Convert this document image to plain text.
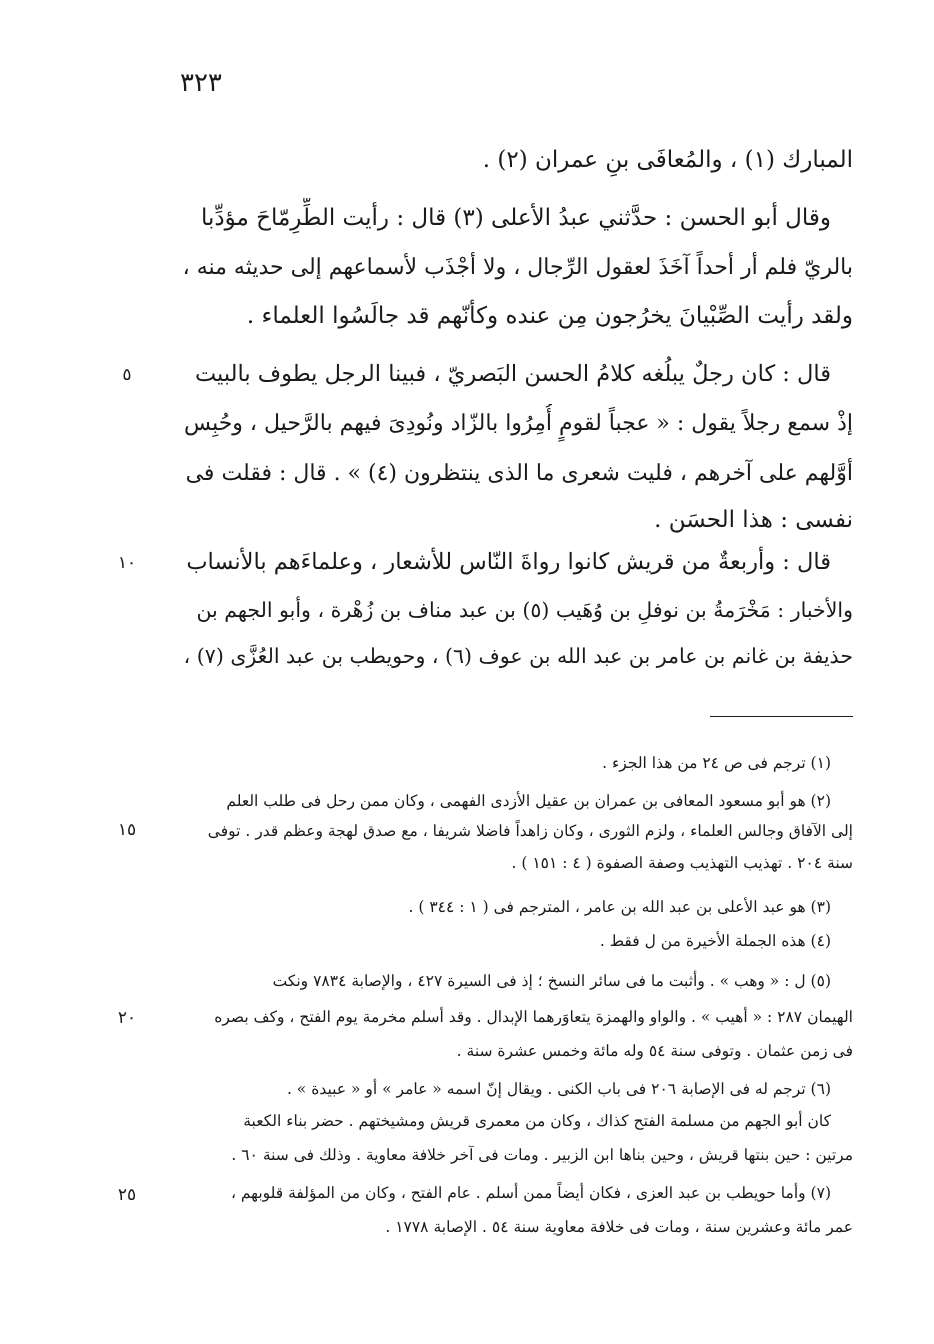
٣٢٣
المبارك (١) ، والمُعافَى بنِ عمران (٢) .
وقال أبو الحسن : حدَّثني عبدُ الأعلى (٣) قال : رأيت الطِّرِمّاحَ مؤدِّبا
بالريّ فلم أر أحداً آخَذَ لعقول الرِّجال ، ولا أجْذَب لأسماعهم إلى حديثه منه ،
ولقد رأيت الصِّبْيانَ يخرُجون مِن عنده وكأنّهم قد جالَسُوا العلماء .
قال : كان رجلٌ يبلُغه كلامُ الحسن البَصريّ ، فبينا الرجل يطوف بالبيت
إذْ سمع رجلاً يقول : « عجباً لقومٍ أُمِرُوا بالزّاد ونُودِىَ فيهم بالرَّحيل ، وحُبِس
أوَّلهم على آخرهم ، فليت شعرى ما الذى ينتظرون (٤) » . قال : فقلت فى
نفسى : هذا الحسَن .
قال : وأربعةٌ من قريش كانوا رواةَ النّاس للأشعار ، وعلماءَهم بالأنساب
والأخبار : مَخْرَمةُ بن نوفلِ بن وُهَيب (٥) بن عبد مناف بن زُهْرة ، وأبو الجهم بن
حذيفة بن غانم بن عامر بن عبد الله بن عوف (٦) ، وحويطب بن عبد العُزَّى (٧) ،
(١) ترجم فى ص ٢٤ من هذا الجزء .
(٢) هو أبو مسعود المعافى بن عمران بن عقيل الأزدى الفهمى ، وكان ممن رحل فى طلب العلم
إلى الآفاق وجالس العلماء ، ولزم الثورى ، وكان زاهداً فاضلا شريفا ، مع صدق لهجة وعظم قدر . توفى
سنة ٢٠٤ . تهذيب التهذيب وصفة الصفوة ( ٤ : ١٥١ ) .
(٣) هو عبد الأعلى بن عبد الله بن عامر ، المترجم فى ( ١ : ٣٤٤ ) .
(٤) هذه الجملة الأخيرة من ل فقط .
(٥) ل : « وهب » . وأثبت ما فى سائر النسخ ؛ إذ فى السيرة ٤٢٧ ، والإصابة ٧٨٣٤ ونكت
الهيمان ٢٨٧ : « أهيب » . والواو والهمزة يتعاوَرهما الإبدال . وقد أسلم مخرمة يوم الفتح ، وكف بصره
فى زمن عثمان . وتوفى سنة ٥٤ وله مائة وخمس عشرة سنة .
(٦) ترجم له فى الإصابة ٢٠٦ فى باب الكنى . ويقال إنّ اسمه « عامر » أو « عبيدة » .
كان أبو الجهم من مسلمة الفتح كذاك ، وكان من معمرى قريش ومشيختهم . حضر بناء الكعبة
مرتين : حين بنتها قريش ، وحين بناها ابن الزبير . ومات فى آخر خلافة معاوية . وذلك فى سنة ٦٠ .
(٧) وأما حويطب بن عبد العزى ، فكان أيضاً ممن أسلم . عام الفتح ، وكان من المؤلفة قلوبهم ،
عمر مائة وعشرين سنة ، ومات فى خلافة معاوية سنة ٥٤ . الإصابة ١٧٧٨ .
٥
١٠
١٥
٢٠
٢٥
